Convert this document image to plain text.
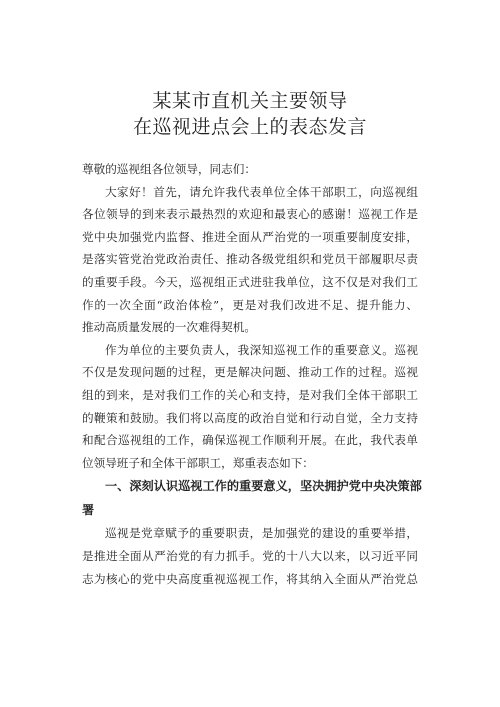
某某市直机关主要领导
在巡视进点会上的表态发言
尊敬的巡视组各位领导，同志们：
大家好！首先，请允许我代表单位全体干部职工，向巡视组
各位领导的到来表示最热烈的欢迎和最衷心的感谢！巡视工作是
党中央加强党内监督、推进全面从严治党的一项重要制度安排，
是落实管党治党政治责任、推动各级党组织和党员干部履职尽责
的重要手段。今天，巡视组正式进驻我单位，这不仅是对我们工
作的一次全面“政治体检”，更是对我们改进不足、提升能力、
推动高质量发展的一次难得契机。
作为单位的主要负责人，我深知巡视工作的重要意义。巡视
不仅是发现问题的过程，更是解决问题、推动工作的过程。巡视
组的到来，是对我们工作的关心和支持，是对我们全体干部职工
的鞭策和鼓励。我们将以高度的政治自觉和行动自觉，全力支持
和配合巡视组的工作，确保巡视工作顺利开展。在此，我代表单
位领导班子和全体干部职工，郑重表态如下：
一、深刻认识巡视工作的重要意义，坚决拥护党中央决策部
署
巡视是党章赋予的重要职责，是加强党的建设的重要举措，
是推进全面从严治党的有力抓手。党的十八大以来，以习近平同
志为核心的党中央高度重视巡视工作，将其纳入全面从严治党总
